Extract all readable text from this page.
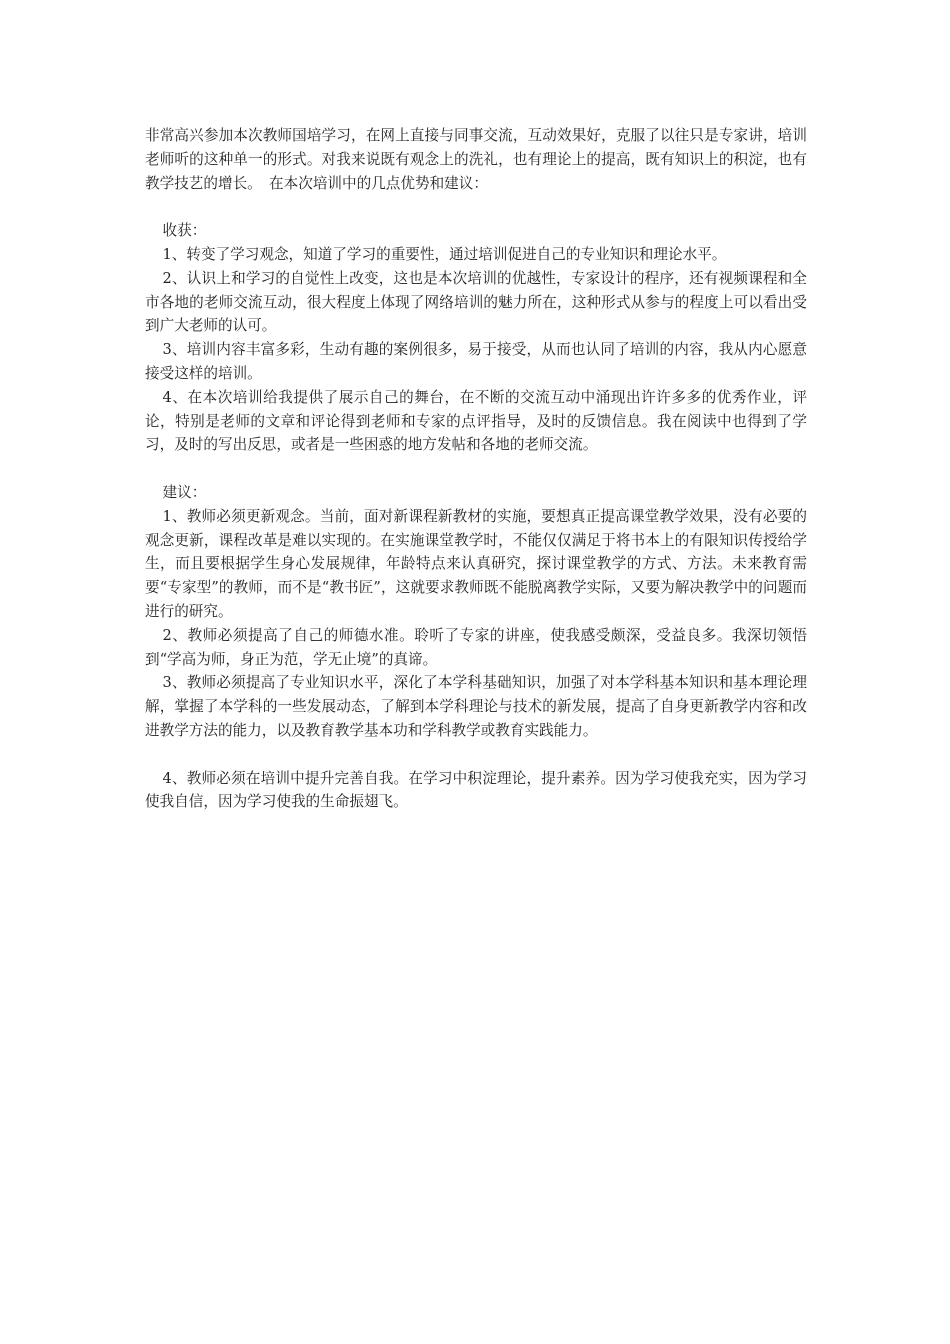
非常高兴参加本次教师国培学习，在网上直接与同事交流，互动效果好，克服了以往只是专家讲，培训老师听的这种单一的形式。对我来说既有观念上的洗礼，也有理论上的提高，既有知识上的积淀，也有教学技艺的增长。　在本次培训中的几点优势和建议：

收获：

1、转变了学习观念，知道了学习的重要性，通过培训促进自己的专业知识和理论水平。

2、认识上和学习的自觉性上改变，这也是本次培训的优越性，专家设计的程序，还有视频课程和全市各地的老师交流互动，很大程度上体现了网络培训的魅力所在，这种形式从参与的程度上可以看出受到广大老师的认可。

3、培训内容丰富多彩，生动有趣的案例很多，易于接受，从而也认同了培训的内容，我从内心愿意接受这样的培训。

4、在本次培训给我提供了展示自己的舞台，在不断的交流互动中涌现出许许多多的优秀作业，评论，特别是老师的文章和评论得到老师和专家的点评指导，及时的反馈信息。我在阅读中也得到了学习，及时的写出反思，或者是一些困惑的地方发帖和各地的老师交流。

建议：

1、教师必须更新观念。当前，面对新课程新教材的实施，要想真正提高课堂教学效果，没有必要的观念更新，课程改革是难以实现的。在实施课堂教学时，不能仅仅满足于将书本上的有限知识传授给学生，而且要根据学生身心发展规律，年龄特点来认真研究，探讨课堂教学的方式、方法。未来教育需要“专家型”的教师，而不是“教书匠”，这就要求教师既不能脱离教学实际，又要为解决教学中的问题而进行的研究。

2、教师必须提高了自己的师德水准。聆听了专家的讲座，使我感受颇深，受益良多。我深切领悟到“学高为师，身正为范，学无止境”的真谛。

3、教师必须提高了专业知识水平，深化了本学科基础知识，加强了对本学科基本知识和基本理论理解，掌握了本学科的一些发展动态，了解到本学科理论与技术的新发展，提高了自身更新教学内容和改进教学方法的能力，以及教育教学基本功和学科教学或教育实践能力。

4、教师必须在培训中提升完善自我。在学习中积淀理论，提升素养。因为学习使我充实，因为学习使我自信，因为学习使我的生命振翅飞。
